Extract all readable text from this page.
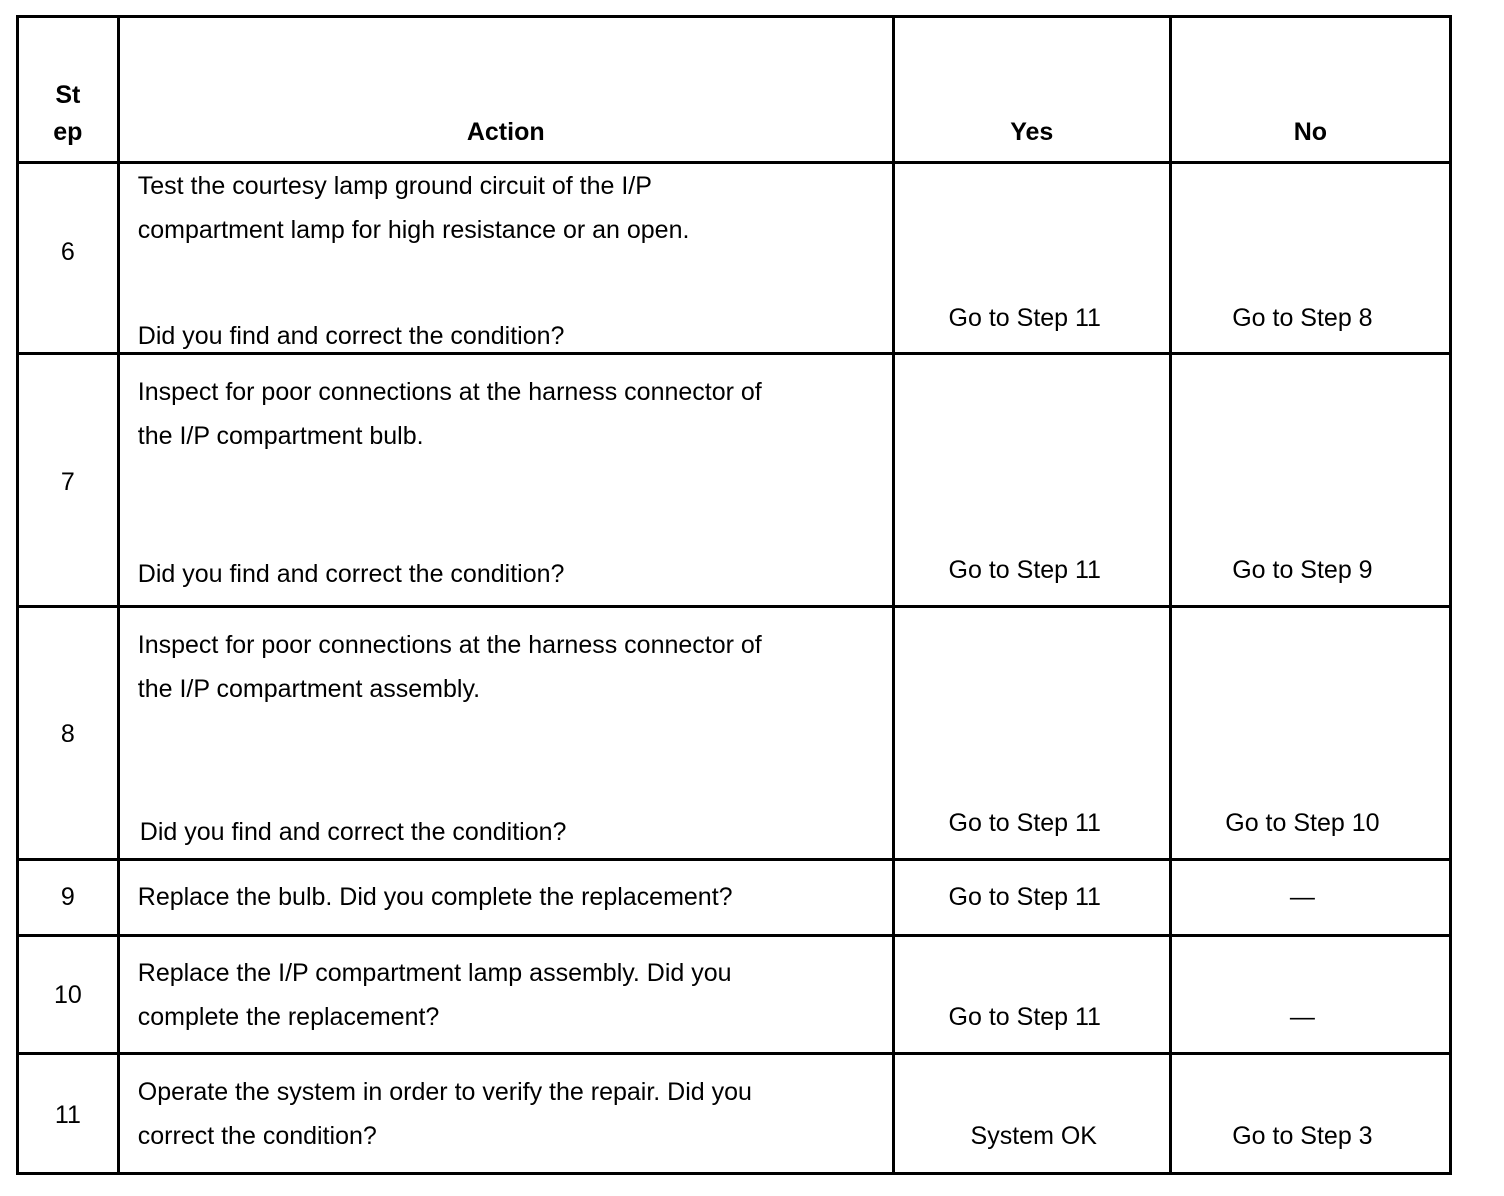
St
ep	Action	Yes	No

6	Test the courtesy lamp ground circuit of the I/P
compartment lamp for high resistance or an open.
Did you find and correct the condition?	Go to Step 11	Go to Step 8

7	Inspect for poor connections at the harness connector of
the I/P compartment bulb.
Did you find and correct the condition?	Go to Step 11	Go to Step 9

8	Inspect for poor connections at the harness connector of
the I/P compartment assembly.
Did you find and correct the condition?	Go to Step 11	Go to Step 10

9	Replace the bulb. Did you complete the replacement?	Go to Step 11	—

10	Replace the I/P compartment lamp assembly. Did you
complete the replacement?	Go to Step 11	—

11	Operate the system in order to verify the repair. Did you
correct the condition?	System OK	Go to Step 3
